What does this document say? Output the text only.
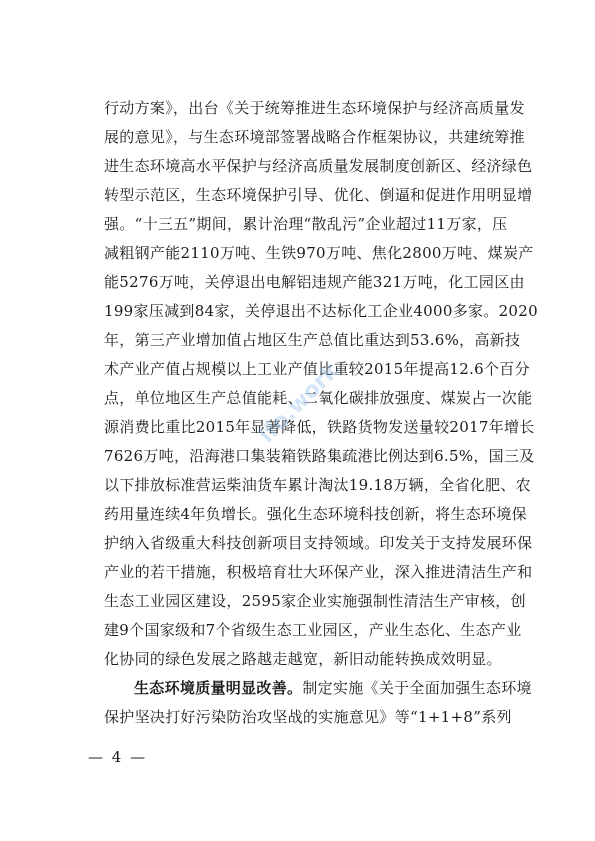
行动方案》，出台《关于统筹推进生态环境保护与经济高质量发
展的意见》，与生态环境部签署战略合作框架协议，共建统筹推
进生态环境高水平保护与经济高质量发展制度创新区、经济绿色
转型示范区，生态环境保护引导、优化、倒逼和促进作用明显增
强。“十三五”期间，累计治理“散乱污”企业超过11万家，压
减粗钢产能2110万吨、生铁970万吨、焦化2800万吨、煤炭产
能5276万吨，关停退出电解铝违规产能321万吨，化工园区由
199家压减到84家，关停退出不达标化工企业4000多家。2020
年，第三产业增加值占地区生产总值比重达到53.6%，高新技
术产业产值占规模以上工业产值比重较2015年提高12.6个百分
点，单位地区生产总值能耗、二氧化碳排放强度、煤炭占一次能
源消费比重比2015年显著降低，铁路货物发送量较2017年增长
7626万吨，沿海港口集装箱铁路集疏港比例达到6.5%，国三及
以下排放标准营运柴油货车累计淘汰19.18万辆，全省化肥、农
药用量连续4年负增长。强化生态环境科技创新，将生态环境保
护纳入省级重大科技创新项目支持领域。印发关于支持发展环保
产业的若干措施，积极培育壮大环保产业，深入推进清洁生产和
生态工业园区建设，2595家企业实施强制性清洁生产审核，创
建9个国家级和7个省级生态工业园区，产业生态化、生态产业
化协同的绿色发展之路越走越宽，新旧动能转换成效明显。
生态环境质量明显改善。制定实施《关于全面加强生态环境
保护坚决打好污染防治攻坚战的实施意见》等“1+1+8”系列
— 4 —
ifo.work
